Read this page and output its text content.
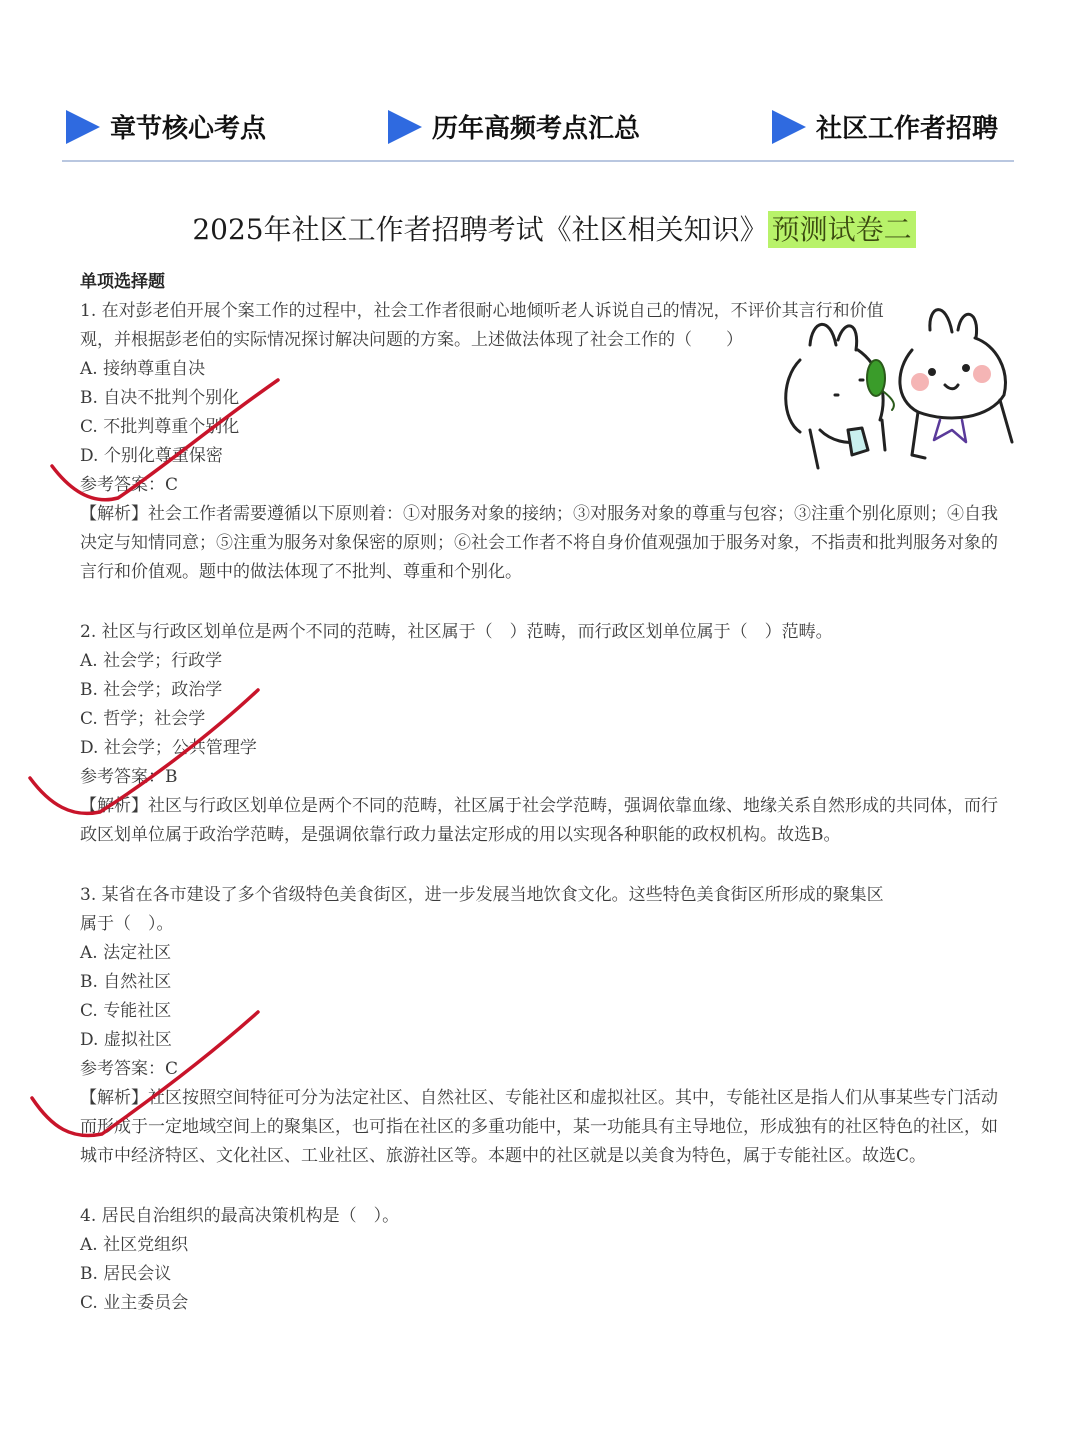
章节核心考点	历年高频考点汇总	社区工作者招聘
2025年社区工作者招聘考试《社区相关知识》 预测试卷二
单项选择题
1. 在对彭老伯开展个案工作的过程中，社会工作者很耐心地倾听老人诉说自己的情况，不评价其言行和价值
观，并根据彭老伯的实际情况探讨解决问题的方案。上述做法体现了社会工作的（　　）
A. 接纳尊重自决
B. 自决不批判个别化
C. 不批判尊重个别化
D. 个别化尊重保密
参考答案：C
【解析】社会工作者需要遵循以下原则着：①对服务对象的接纳；③对服务对象的尊重与包容；③注重个别化原则；④自我决定与知情同意；⑤注重为服务对象保密的原则；⑥社会工作者不将自身价值观强加于服务对象，不指责和批判服务对象的言行和价值观。题中的做法体现了不批判、尊重和个别化。
2. 社区与行政区划单位是两个不同的范畴，社区属于（　）范畴，而行政区划单位属于（　）范畴。
A. 社会学；行政学
B. 社会学；政治学
C. 哲学；社会学
D. 社会学；公共管理学
参考答案：B
【解析】社区与行政区划单位是两个不同的范畴，社区属于社会学范畴，强调依靠血缘、地缘关系自然形成的共同体，而行政区划单位属于政治学范畴，是强调依靠行政力量法定形成的用以实现各种职能的政权机构。故选B。
3. 某省在各市建设了多个省级特色美食街区，进一步发展当地饮食文化。这些特色美食街区所形成的聚集区
属于（　）。
A. 法定社区
B. 自然社区
C. 专能社区
D. 虚拟社区
参考答案：C
【解析】社区按照空间特征可分为法定社区、自然社区、专能社区和虚拟社区。其中，专能社区是指人们从事某些专门活动而形成于一定地域空间上的聚集区，也可指在社区的多重功能中，某一功能具有主导地位，形成独有的社区特色的社区，如城市中经济特区、文化社区、工业社区、旅游社区等。本题中的社区就是以美食为特色，属于专能社区。故选C。
4. 居民自治组织的最高决策机构是（　）。
A. 社区党组织
B. 居民会议
C. 业主委员会
